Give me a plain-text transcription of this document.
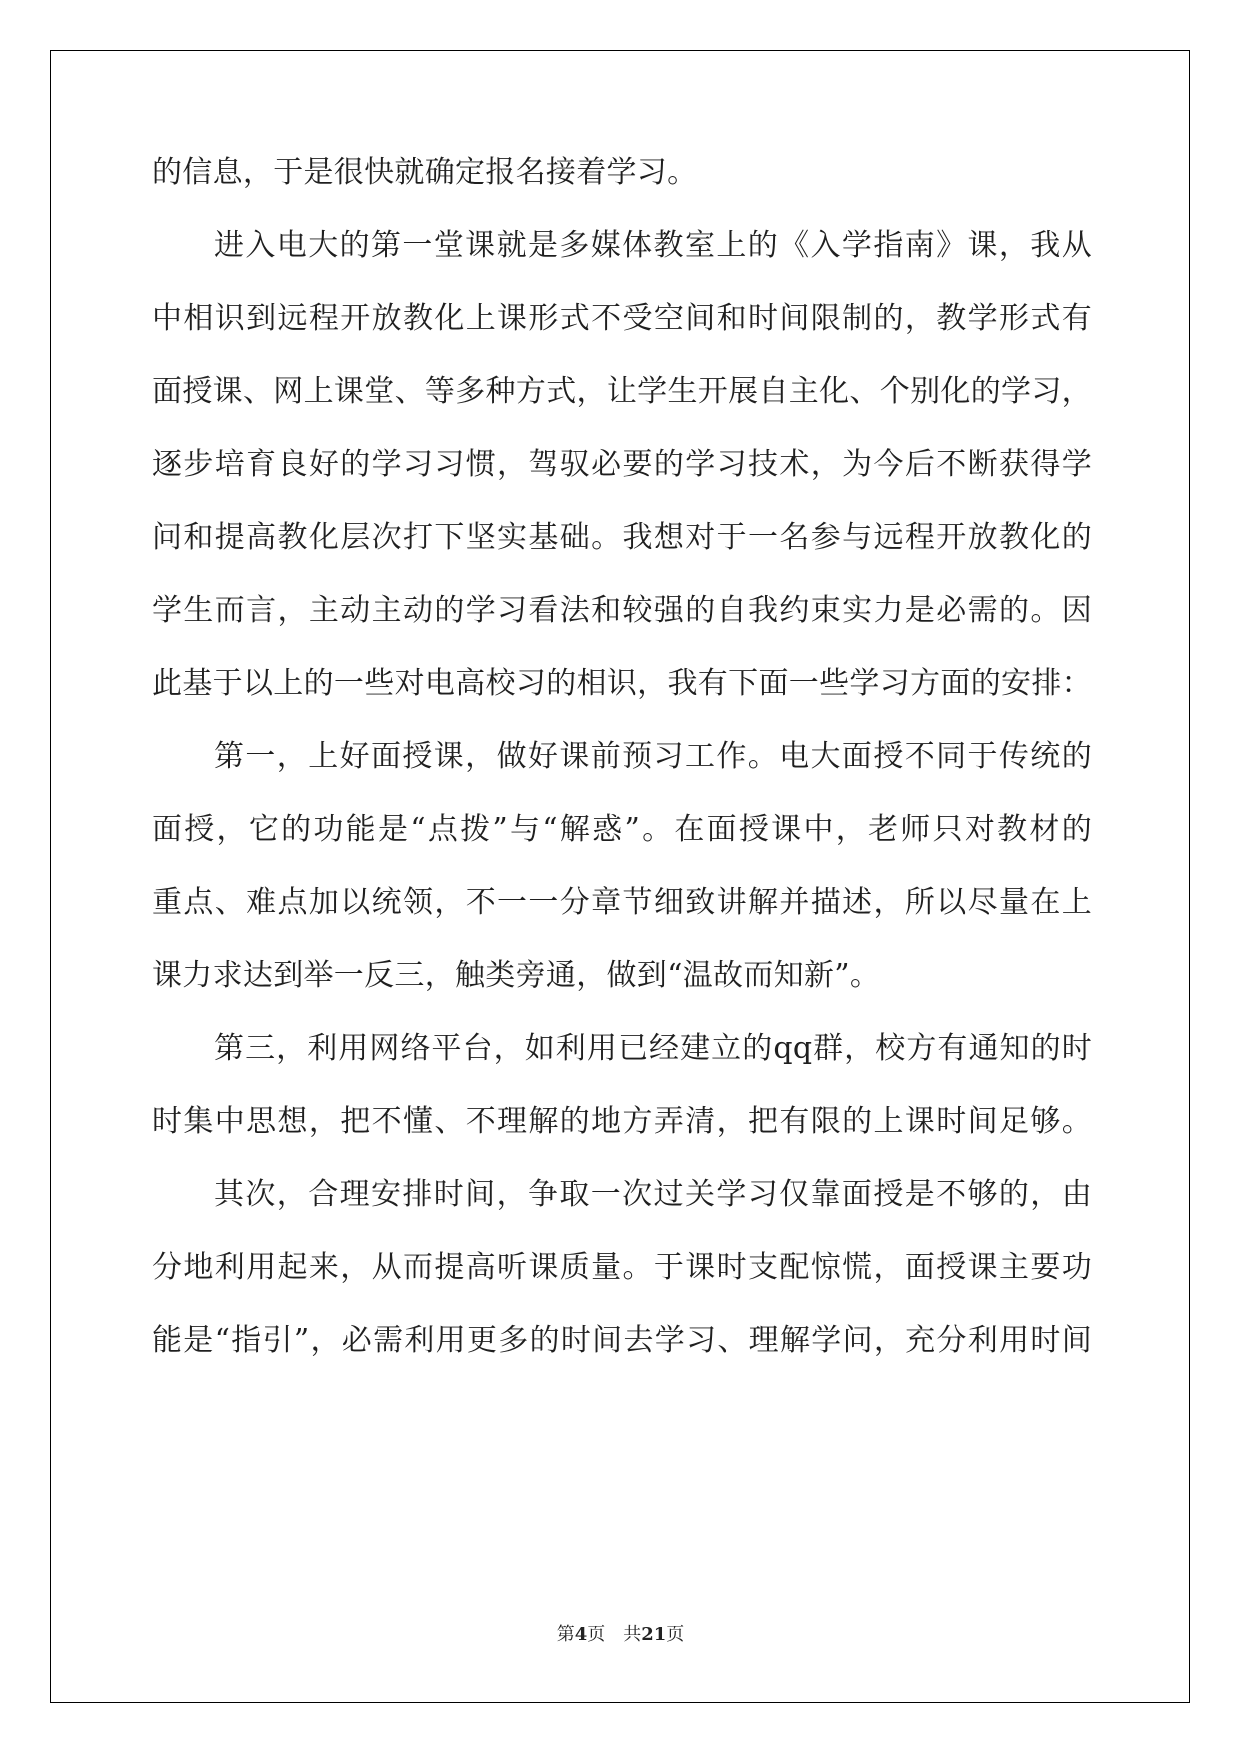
的信息，于是很快就确定报名接着学习。

进入电大的第一堂课就是多媒体教室上的《入学指南》课，我从

中相识到远程开放教化上课形式不受空间和时间限制的，教学形式有

面授课、网上课堂、等多种方式，让学生开展自主化、个别化的学习，

逐步培育良好的学习习惯，驾驭必要的学习技术，为今后不断获得学

问和提高教化层次打下坚实基础。我想对于一名参与远程开放教化的

学生而言，主动主动的学习看法和较强的自我约束实力是必需的。因

此基于以上的一些对电高校习的相识，我有下面一些学习方面的安排：

第一，上好面授课，做好课前预习工作。电大面授不同于传统的

面授，它的功能是“点拨”与“解惑”。在面授课中，老师只对教材的

重点、难点加以统领，不一一分章节细致讲解并描述，所以尽量在上

课力求达到举一反三，触类旁通，做到“温故而知新”。

第三，利用网络平台，如利用已经建立的qq群，校方有通知的时

时集中思想，把不懂、不理解的地方弄清，把有限的上课时间足够。

其次，合理安排时间，争取一次过关学习仅靠面授是不够的，由

分地利用起来，从而提高听课质量。于课时支配惊慌，面授课主要功

能是“指引”，必需利用更多的时间去学习、理解学问，充分利用时间

第4页　共21页
